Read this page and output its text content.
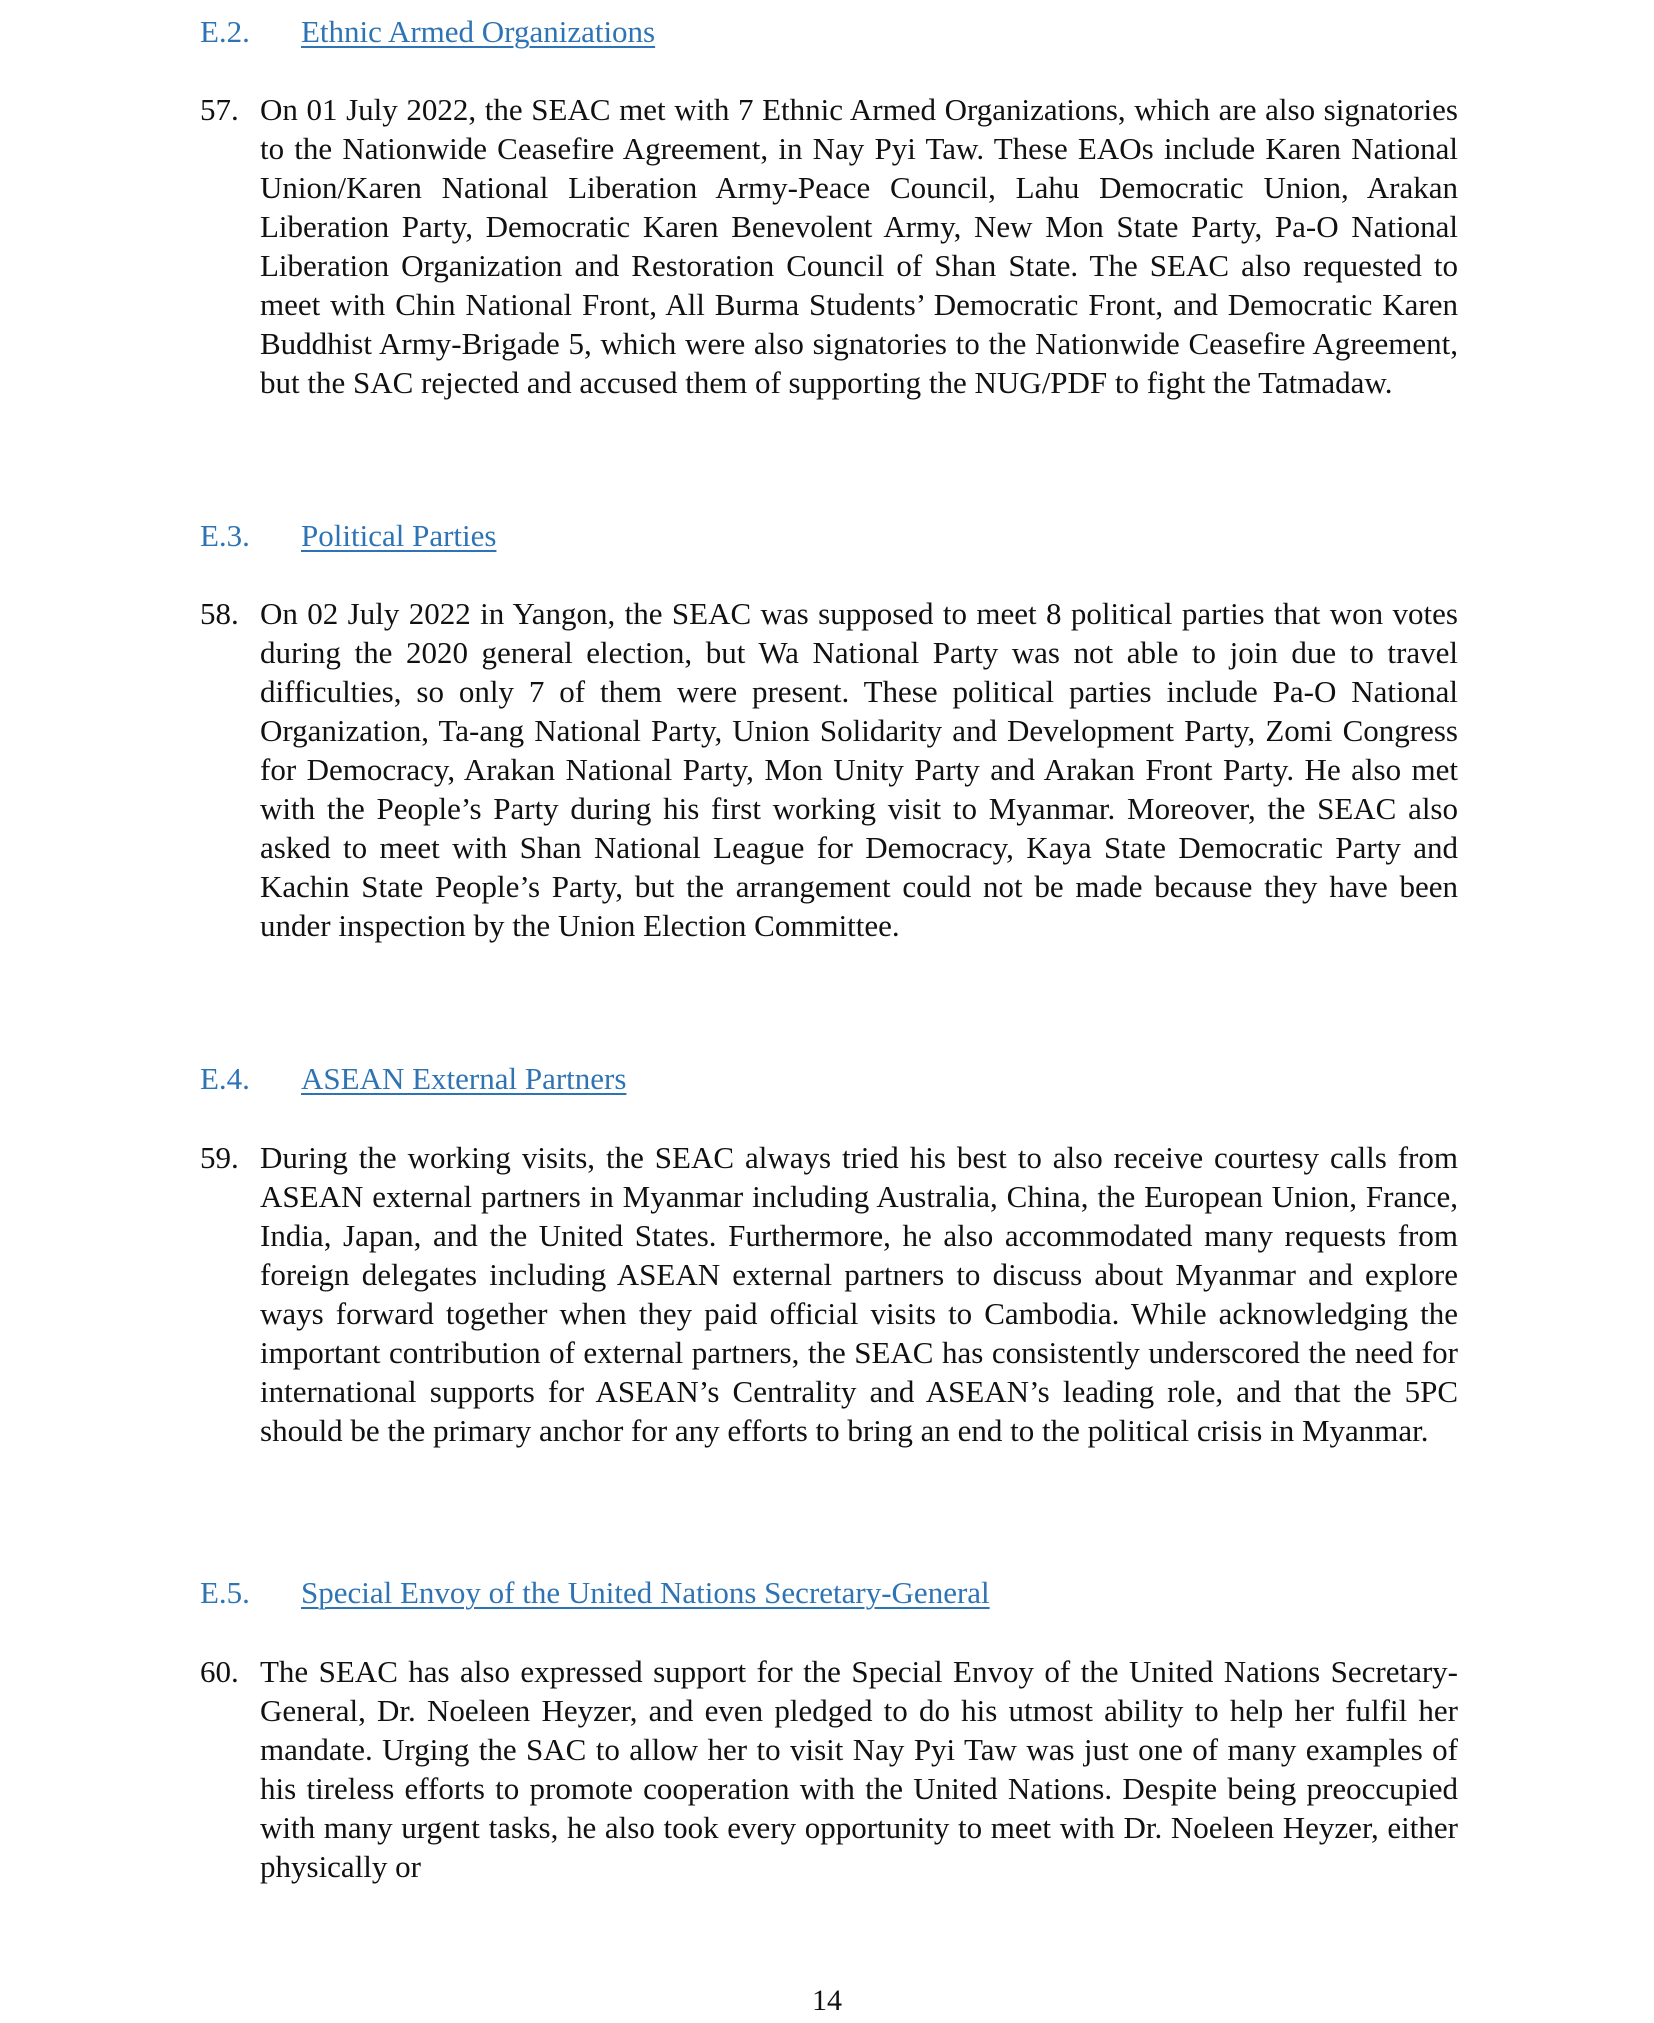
E.2. Ethnic Armed Organizations
57. On 01 July 2022, the SEAC met with 7 Ethnic Armed Organizations, which are also signatories to the Nationwide Ceasefire Agreement, in Nay Pyi Taw. These EAOs include Karen National Union/Karen National Liberation Army-Peace Council, Lahu Democratic Union, Arakan Liberation Party, Democratic Karen Benevolent Army, New Mon State Party, Pa-O National Liberation Organization and Restoration Council of Shan State. The SEAC also requested to meet with Chin National Front, All Burma Students’ Democratic Front, and Democratic Karen Buddhist Army-Brigade 5, which were also signatories to the Nationwide Ceasefire Agreement, but the SAC rejected and accused them of supporting the NUG/PDF to fight the Tatmadaw.
E.3. Political Parties
58. On 02 July 2022 in Yangon, the SEAC was supposed to meet 8 political parties that won votes during the 2020 general election, but Wa National Party was not able to join due to travel difficulties, so only 7 of them were present. These political parties include Pa-O National Organization, Ta-ang National Party, Union Solidarity and Development Party, Zomi Congress for Democracy, Arakan National Party, Mon Unity Party and Arakan Front Party. He also met with the People’s Party during his first working visit to Myanmar. Moreover, the SEAC also asked to meet with Shan National League for Democracy, Kaya State Democratic Party and Kachin State People’s Party, but the arrangement could not be made because they have been under inspection by the Union Election Committee.
E.4. ASEAN External Partners
59. During the working visits, the SEAC always tried his best to also receive courtesy calls from ASEAN external partners in Myanmar including Australia, China, the European Union, France, India, Japan, and the United States. Furthermore, he also accommodated many requests from foreign delegates including ASEAN external partners to discuss about Myanmar and explore ways forward together when they paid official visits to Cambodia. While acknowledging the important contribution of external partners, the SEAC has consistently underscored the need for international supports for ASEAN’s Centrality and ASEAN’s leading role, and that the 5PC should be the primary anchor for any efforts to bring an end to the political crisis in Myanmar.
E.5. Special Envoy of the United Nations Secretary-General
60. The SEAC has also expressed support for the Special Envoy of the United Nations Secretary-General, Dr. Noeleen Heyzer, and even pledged to do his utmost ability to help her fulfil her mandate. Urging the SAC to allow her to visit Nay Pyi Taw was just one of many examples of his tireless efforts to promote cooperation with the United Nations. Despite being preoccupied with many urgent tasks, he also took every opportunity to meet with Dr. Noeleen Heyzer, either physically or
14
